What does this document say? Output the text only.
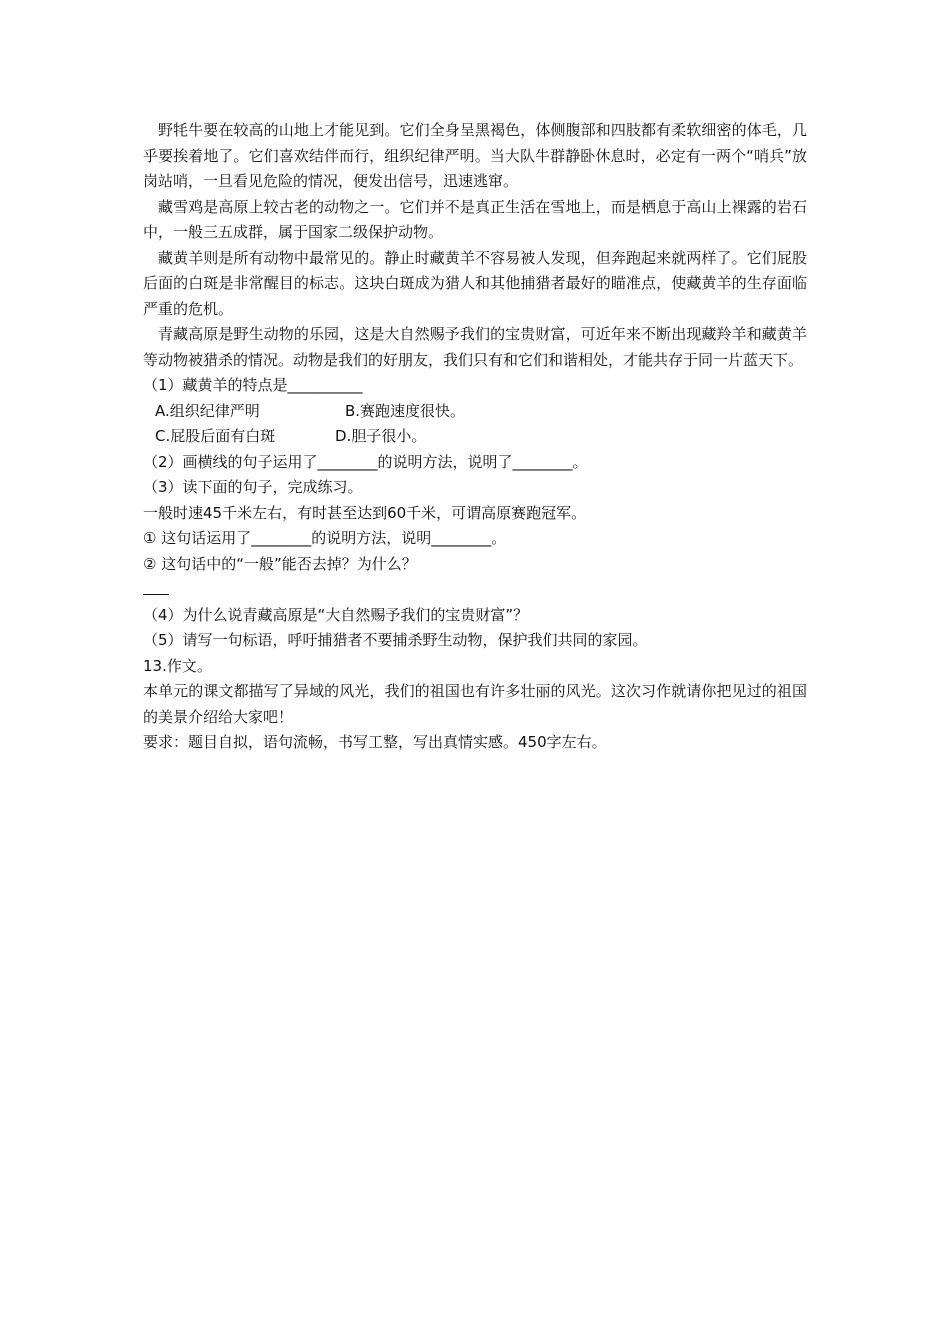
野牦牛要在较高的山地上才能见到。它们全身呈黑褐色，体侧腹部和四肢都有柔软细密的体毛，几乎要挨着地了。它们喜欢结伴而行，组织纪律严明。当大队牛群静卧休息时，必定有一两个“哨兵”放岗站哨，一旦看见危险的情况，便发出信号，迅速逃窜。

藏雪鸡是高原上较古老的动物之一。它们并不是真正生活在雪地上，而是栖息于高山上裸露的岩石中，一般三五成群，属于国家二级保护动物。

藏黄羊则是所有动物中最常见的。静止时藏黄羊不容易被人发现，但奔跑起来就两样了。它们屁股后面的白斑是非常醒目的标志。这块白斑成为猎人和其他捕猎者最好的瞄准点，使藏黄羊的生存面临严重的危机。

青藏高原是野生动物的乐园，这是大自然赐予我们的宝贵财富，可近年来不断出现藏羚羊和藏黄羊等动物被猎杀的情况。动物是我们的好朋友，我们只有和它们和谐相处，才能共存于同一片蓝天下。

（1）藏黄羊的特点是__________

A.组织纪律严明	B.赛跑速度很快。

C.屁股后面有白斑	D.胆子很小。

（2）画横线的句子运用了________的说明方法，说明了________。

（3）读下面的句子，完成练习。

一般时速45千米左右，有时甚至达到60千米，可谓高原赛跑冠军。

① 这句话运用了________的说明方法，说明________。

② 这句话中的“一般”能否去掉？为什么？

（4）为什么说青藏高原是“大自然赐予我们的宝贵财富”？

（5）请写一句标语，呼吁捕猎者不要捕杀野生动物，保护我们共同的家园。

13.作文。

本单元的课文都描写了异域的风光，我们的祖国也有许多壮丽的风光。这次习作就请你把见过的祖国的美景介绍给大家吧！

要求：题目自拟，语句流畅，书写工整，写出真情实感。450字左右。
